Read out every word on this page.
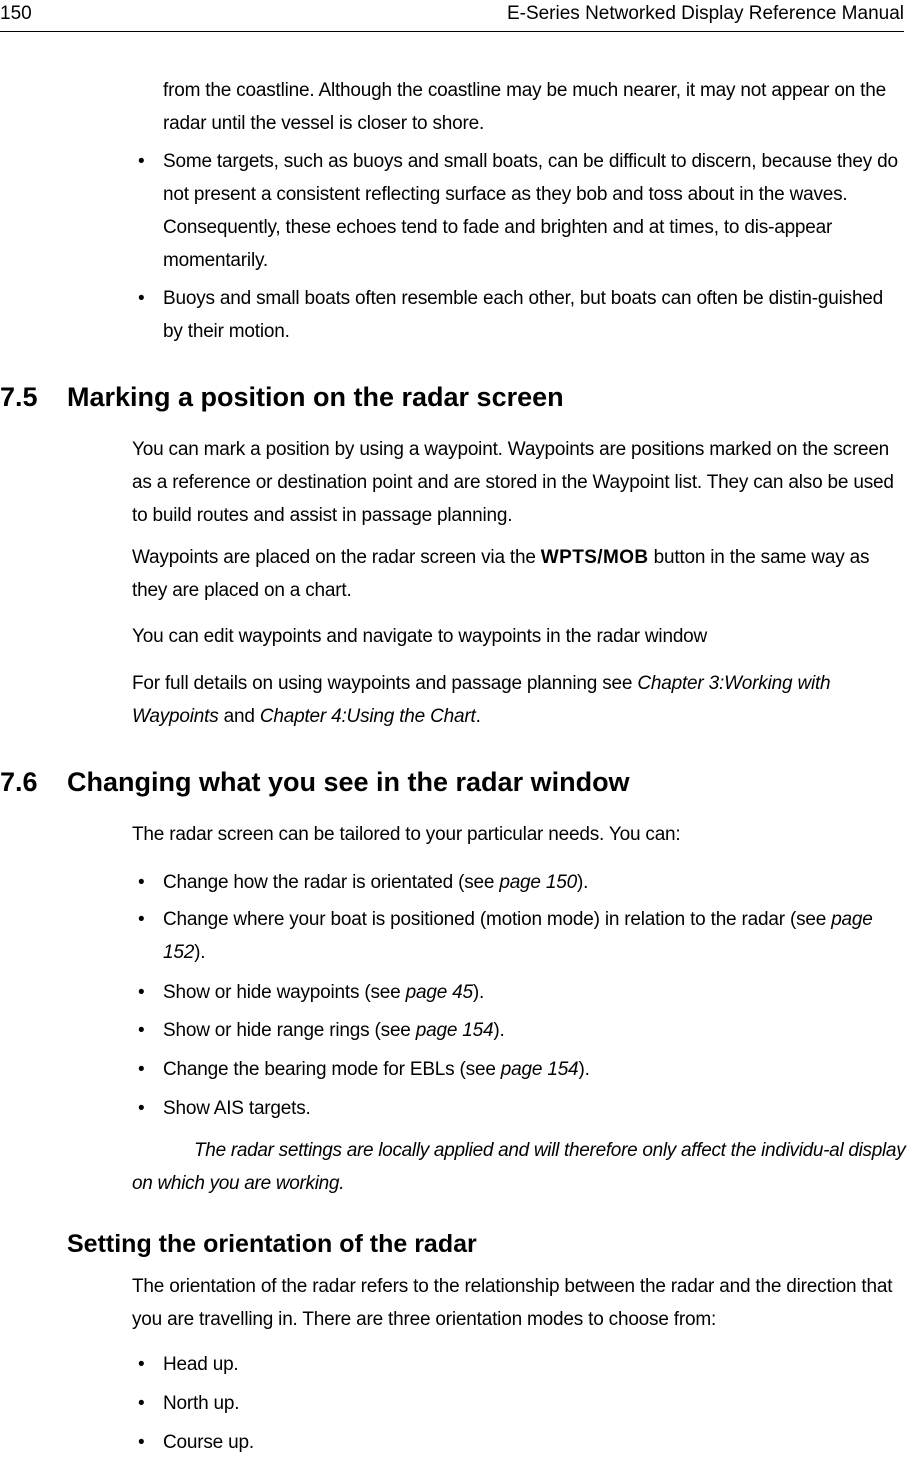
150	E-Series Networked Display Reference Manual

from the coastline. Although the coastline may be much nearer, it may not appear on the radar until the vessel is closer to shore.

• Some targets, such as buoys and small boats, can be difficult to discern, because they do not present a consistent reflecting surface as they bob and toss about in the waves. Consequently, these echoes tend to fade and brighten and at times, to dis-appear momentarily.
• Buoys and small boats often resemble each other, but boats can often be distin-guished by their motion.
7.5 Marking a position on the radar screen

You can mark a position by using a waypoint. Waypoints are positions marked on the screen as a reference or destination point and are stored in the Waypoint list. They can also be used to build routes and assist in passage planning.

Waypoints are placed on the radar screen via the WPTS/MOB button in the same way as they are placed on a chart.

You can edit waypoints and navigate to waypoints in the radar window

For full details on using waypoints and passage planning see Chapter 3:Working with Waypoints and Chapter 4:Using the Chart.

7.6 Changing what you see in the radar window

The radar screen can be tailored to your particular needs. You can:

• Change how the radar is orientated (see page 150).
• Change where your boat is positioned (motion mode) in relation to the radar (see page 152).
• Show or hide waypoints (see page 45).
• Show or hide range rings (see page 154).
• Change the bearing mode for EBLs (see page 154).
• Show AIS targets.

The radar settings are locally applied and will therefore only affect the individu-al display on which you are working.

Setting the orientation of the radar

The orientation of the radar refers to the relationship between the radar and the direction that you are travelling in. There are three orientation modes to choose from:

• Head up.
• North up.
• Course up.
